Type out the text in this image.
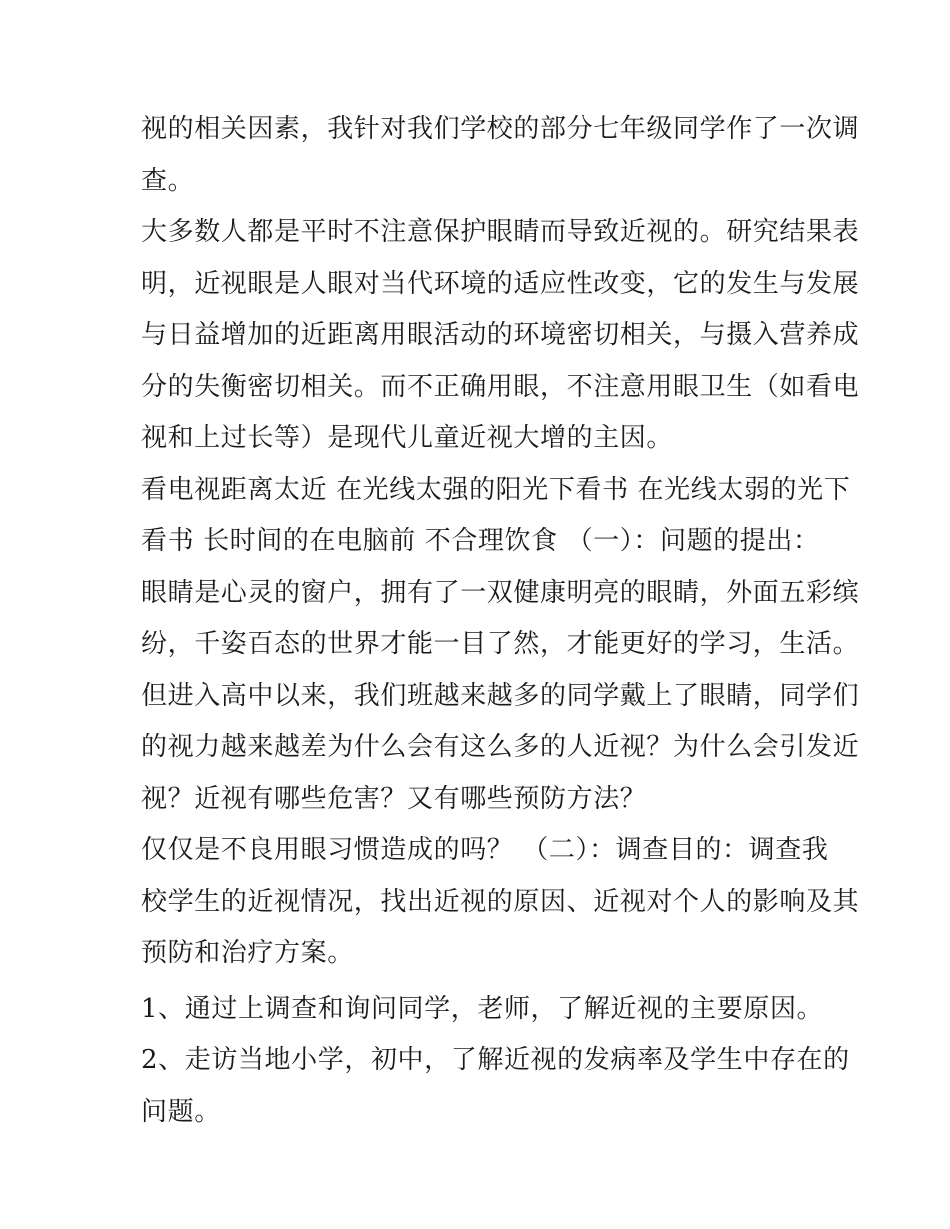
视的相关因素，我针对我们学校的部分七年级同学作了一次调
查。
大多数人都是平时不注意保护眼睛而导致近视的。研究结果表
明，近视眼是人眼对当代环境的适应性改变，它的发生与发展
与日益增加的近距离用眼活动的环境密切相关，与摄入营养成
分的失衡密切相关。而不正确用眼，不注意用眼卫生（如看电
视和上过长等）是现代儿童近视大增的主因。
看电视距离太近 在光线太强的阳光下看书 在光线太弱的光下
看书 长时间的在电脑前 不合理饮食 （一）：问题的提出：
眼睛是心灵的窗户，拥有了一双健康明亮的眼睛，外面五彩缤
纷，千姿百态的世界才能一目了然，才能更好的学习，生活。
但进入高中以来，我们班越来越多的同学戴上了眼睛，同学们
的视力越来越差为什么会有这么多的人近视？为什么会引发近
视？近视有哪些危害？又有哪些预防方法？
仅仅是不良用眼习惯造成的吗？ （二）：调查目的：调查我
校学生的近视情况，找出近视的原因、近视对个人的影响及其
预防和治疗方案。
1、通过上调查和询问同学，老师，了解近视的主要原因。
2、走访当地小学，初中，了解近视的发病率及学生中存在的
问题。
